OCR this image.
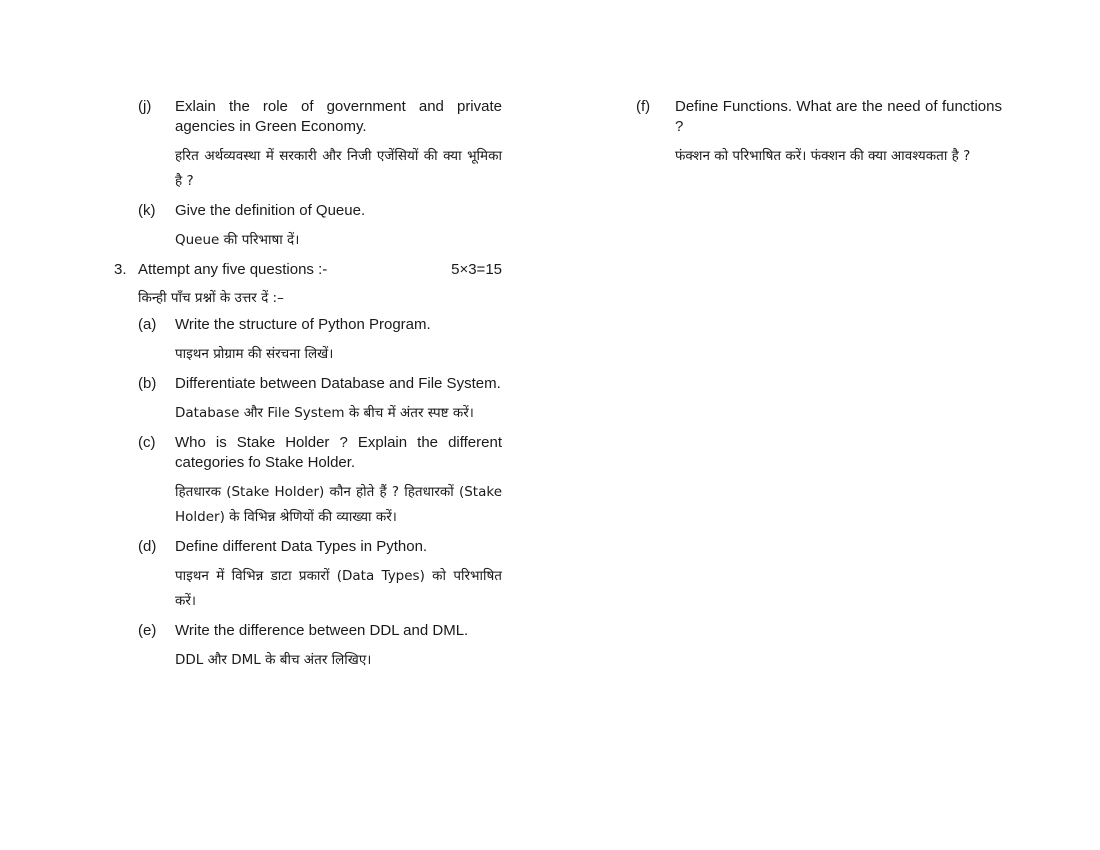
(j)	Exlain the role of government and private agencies in Green Economy.
हरित अर्थव्यवस्था में सरकारी और निजी एजेंसियों की क्या भूमिका है ?
(k)	Give the definition of Queue.
Queue की परिभाषा दें।
3. Attempt any five questions :-	5×3=15
किन्ही पाँच प्रश्नों के उत्तर दें :–
(a)	Write the structure of Python Program.
पाइथन प्रोग्राम की संरचना लिखें।
(b)	Differentiate between Database and File System.
Database और File System के बीच में अंतर स्पष्ट करें।
(c)	Who is Stake Holder ? Explain the different categories fo Stake Holder.
हितधारक (Stake Holder) कौन होते हैं ? हितधारकों (Stake Holder) के विभिन्न श्रेणियों की व्याख्या करें।
(d)	Define different Data Types in Python.
पाइथन में विभिन्न डाटा प्रकारों (Data Types) को परिभाषित करें।
(e)	Write the difference between DDL and DML.
DDL और DML के बीच अंतर लिखिए।
(f)	Define Functions. What are the need of functions ?
फंक्शन को परिभाषित करें। फंक्शन की क्या आवश्यकता है ?
